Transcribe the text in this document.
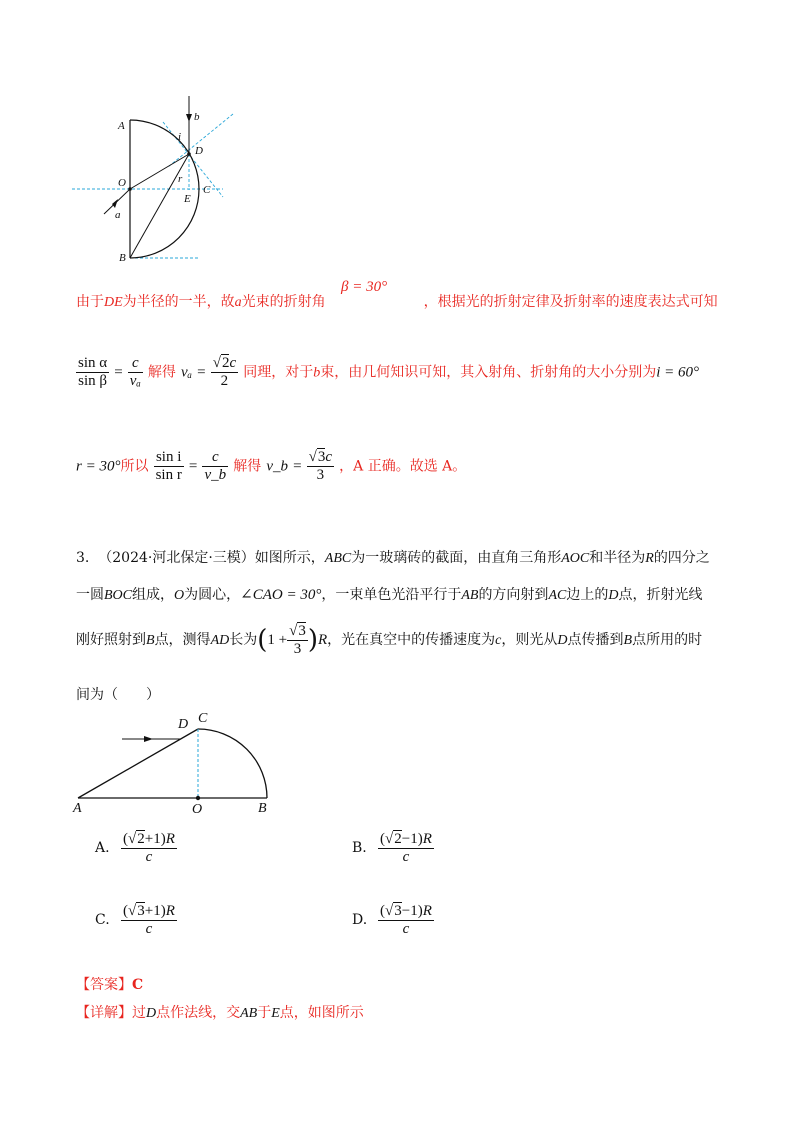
A
b
i
D
O	r
C
E
a
B
β = 30°
由于DE为半径的一半，故a光束的折射角	，根据光的折射定律及折射率的速度表达式可知
$\frac{\text{sin α}}{\text{sin β}} = \frac{c}{\text{vₐ}}$ 解得 $v_a = \frac{√2c}{2}$ 同理，对于b束，由几何知识可知，其入射角、折射角的大小分别为i = 60°
r = 30°所以 $\frac{\text{sin i}}{\text{sin r}} = \frac{c}{v\_b}$ 解得 v_b = $\frac{√3c}{3}$ ，A 正确。故选 A。
3. （2024·河北保定·三模）如图所示，ABC为一玻璃砖的截面，由直角三角形AOC和半径为R的四分之
一圆BOC组成，O为圆心，∠CAO = 30°，一束单色光沿平行于AB的方向射到AC边上的D点，折射光线
刚好照射到B点，测得AD长为$(1 + \frac{√3}{3} )R$，光在真空中的传播速度为c，则光从D点传播到B点所用的时
间为（　　）
D C
A	O	B
A. $\frac{(√2+1)R}{c}$	B. $\frac{(√2-1)R}{c}$
C. $\frac{(√3+1)R}{c}$	D. $\frac{(√3-1)R}{c}$
【答案】C
【详解】过D点作法线，交AB于E点，如图所示
